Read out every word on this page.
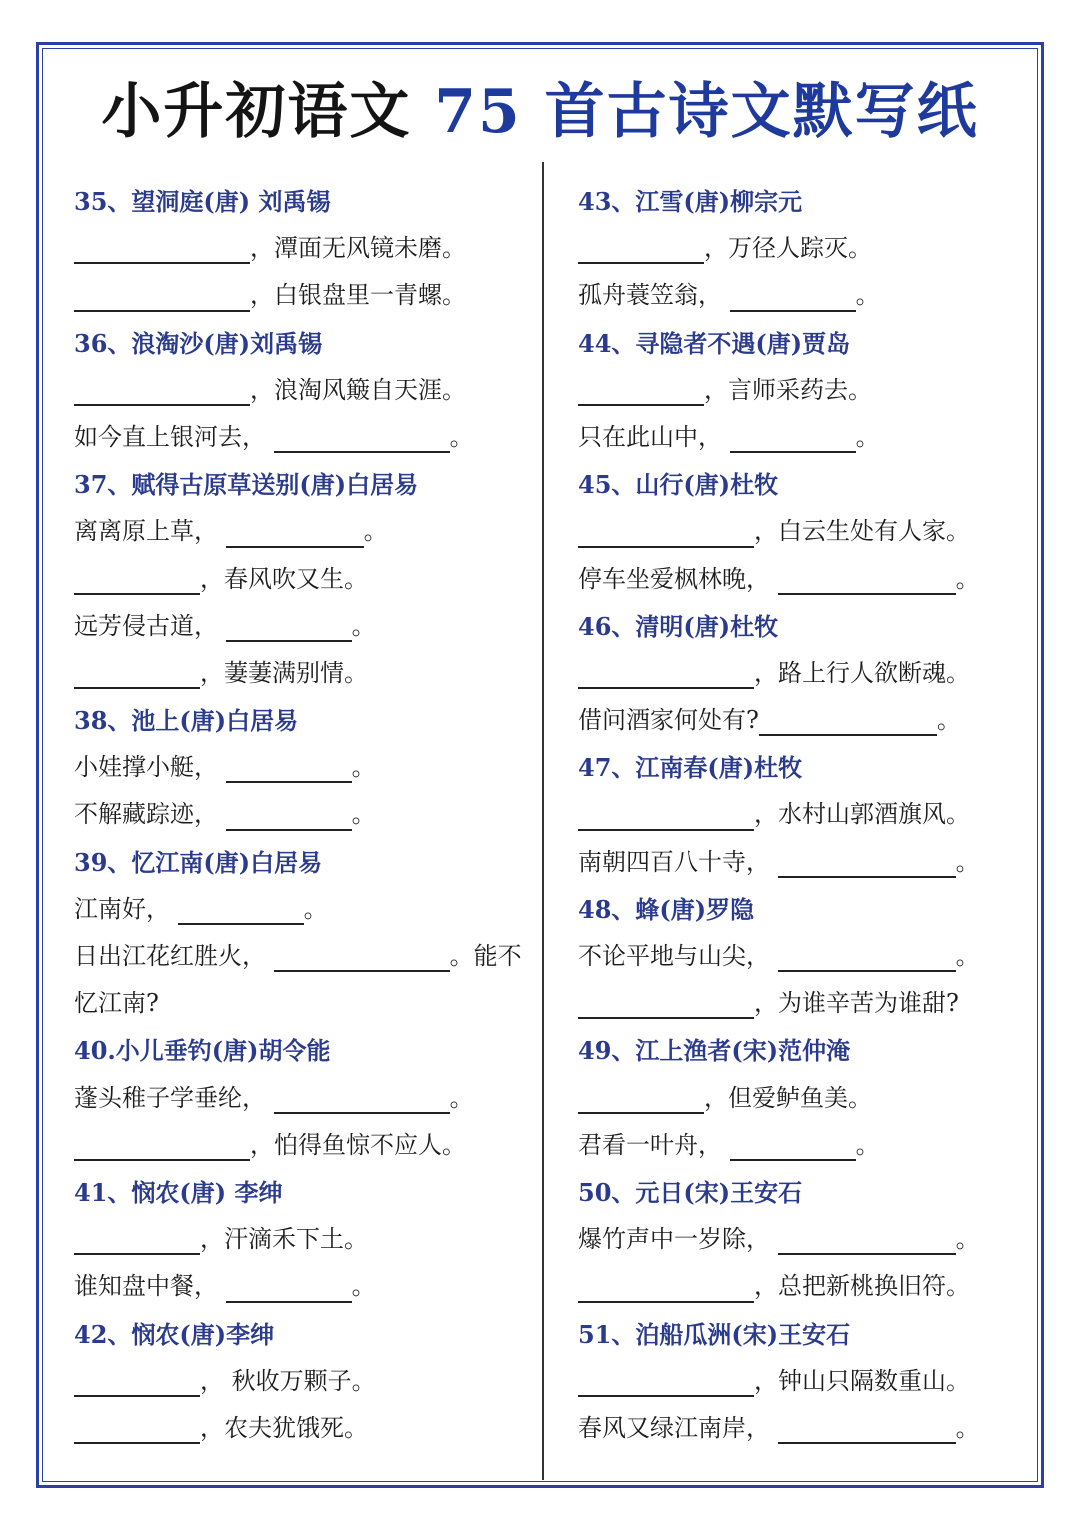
小升初语文 75 首古诗文默写纸
35、望洞庭(唐) 刘禹锡
，潭面无风镜未磨。
，白银盘里一青螺。
36、浪淘沙(唐)刘禹锡
，浪淘风簸自天涯。
如今直上银河去，	。
37、赋得古原草送别(唐)白居易
离离原上草，	。
，春风吹又生。
远芳侵古道，	。
，萋萋满别情。
38、池上(唐)白居易
小娃撑小艇，	。
不解藏踪迹，	。
39、忆江南(唐)白居易
江南好，	。
日出江花红胜火，	。能不
忆江南?
40.小儿垂钓(唐)胡令能
蓬头稚子学垂纶，	。
，怕得鱼惊不应人。
41、悯农(唐) 李绅
，汗滴禾下土。
谁知盘中餐，	。
42、悯农(唐)李绅
， 秋收万颗子。
，农夫犹饿死。
43、江雪(唐)柳宗元
，万径人踪灭。
孤舟蓑笠翁，	。
44、寻隐者不遇(唐)贾岛
，言师采药去。
只在此山中，	。
45、山行(唐)杜牧
，白云生处有人家。
停车坐爱枫林晚，	。
46、清明(唐)杜牧
，路上行人欲断魂。
借问酒家何处有?	。
47、江南春(唐)杜牧
，水村山郭酒旗风。
南朝四百八十寺，	。
48、蜂(唐)罗隐
不论平地与山尖，	。
，为谁辛苦为谁甜?
49、江上渔者(宋)范仲淹
，但爱鲈鱼美。
君看一叶舟，	。
50、元日(宋)王安石
爆竹声中一岁除，	。
，总把新桃换旧符。
51、泊船瓜洲(宋)王安石
，钟山只隔数重山。
春风又绿江南岸，	。
